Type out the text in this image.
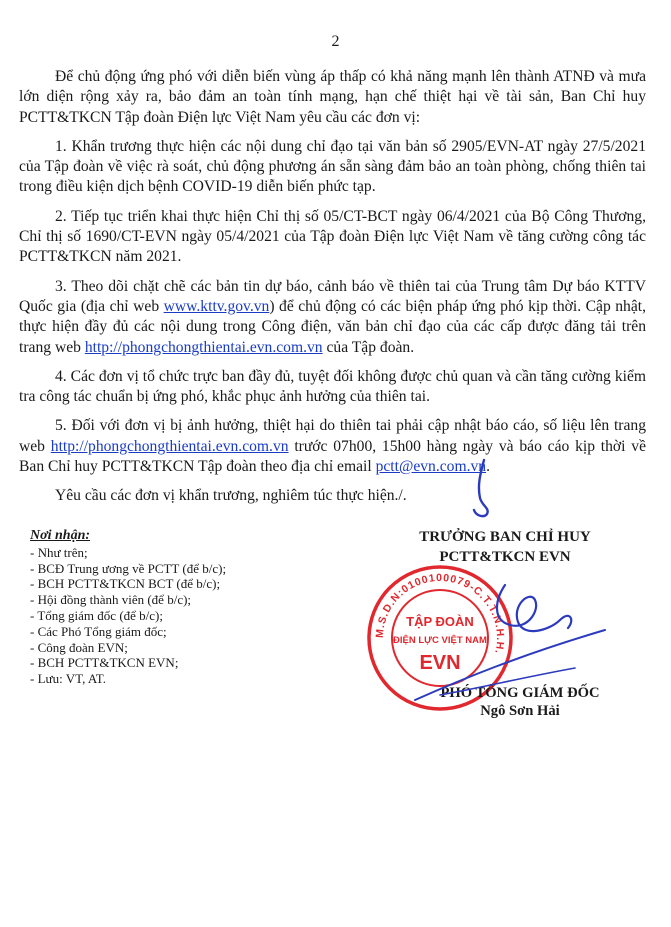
2

Để chủ động ứng phó với diễn biến vùng áp thấp có khả năng mạnh lên thành ATNĐ và mưa lớn diện rộng xảy ra, bảo đảm an toàn tính mạng, hạn chế thiệt hại về tài sản, Ban Chỉ huy PCTT&TKCN Tập đoàn Điện lực Việt Nam yêu cầu các đơn vị:

1. Khẩn trương thực hiện các nội dung chỉ đạo tại văn bản số 2905/EVN-AT ngày 27/5/2021 của Tập đoàn về việc rà soát, chủ động phương án sẵn sàng đảm bảo an toàn phòng, chống thiên tai trong điều kiện dịch bệnh COVID-19 diễn biến phức tạp.

2. Tiếp tục triển khai thực hiện Chỉ thị số 05/CT-BCT ngày 06/4/2021 của Bộ Công Thương, Chỉ thị số 1690/CT-EVN ngày 05/4/2021 của Tập đoàn Điện lực Việt Nam về tăng cường công tác PCTT&TKCN năm 2021.

3. Theo dõi chặt chẽ các bản tin dự báo, cảnh báo về thiên tai của Trung tâm Dự báo KTTV Quốc gia (địa chỉ web www.kttv.gov.vn) để chủ động có các biện pháp ứng phó kịp thời. Cập nhật, thực hiện đầy đủ các nội dung trong Công điện, văn bản chỉ đạo của các cấp được đăng tải trên trang web http://phongchongthientai.evn.com.vn của Tập đoàn.

4. Các đơn vị tổ chức trực ban đầy đủ, tuyệt đối không được chủ quan và cần tăng cường kiểm tra công tác chuẩn bị ứng phó, khắc phục ảnh hưởng của thiên tai.

5. Đối với đơn vị bị ảnh hưởng, thiệt hại do thiên tai phải cập nhật báo cáo, số liệu lên trang web http://phongchongthientai.evn.com.vn trước 07h00, 15h00 hàng ngày và báo cáo kịp thời về Ban Chỉ huy PCTT&TKCN Tập đoàn theo địa chỉ email pctt@evn.com.vn.

Yêu cầu các đơn vị khẩn trương, nghiêm túc thực hiện./.

Nơi nhận:
- Như trên;
- BCĐ Trung ương về PCTT (để b/c);
- BCH PCTT&TKCN BCT (để b/c);
- Hội đồng thành viên (để b/c);
- Tổng giám đốc (để b/c);
- Các Phó Tổng giám đốc;
- Công đoàn EVN;
- BCH PCTT&TKCN EVN;
- Lưu: VT, AT.
TRƯỞNG BAN CHỈ HUY
PCTT&TKCN EVN
M.S.D.N:0100100079-C.T.T.N.H.H.
TẬP ĐOÀN
ĐIỆN LỰC VIỆT NAM
EVN
PHÓ TỔNG GIÁM ĐỐC
Ngô Sơn Hải
